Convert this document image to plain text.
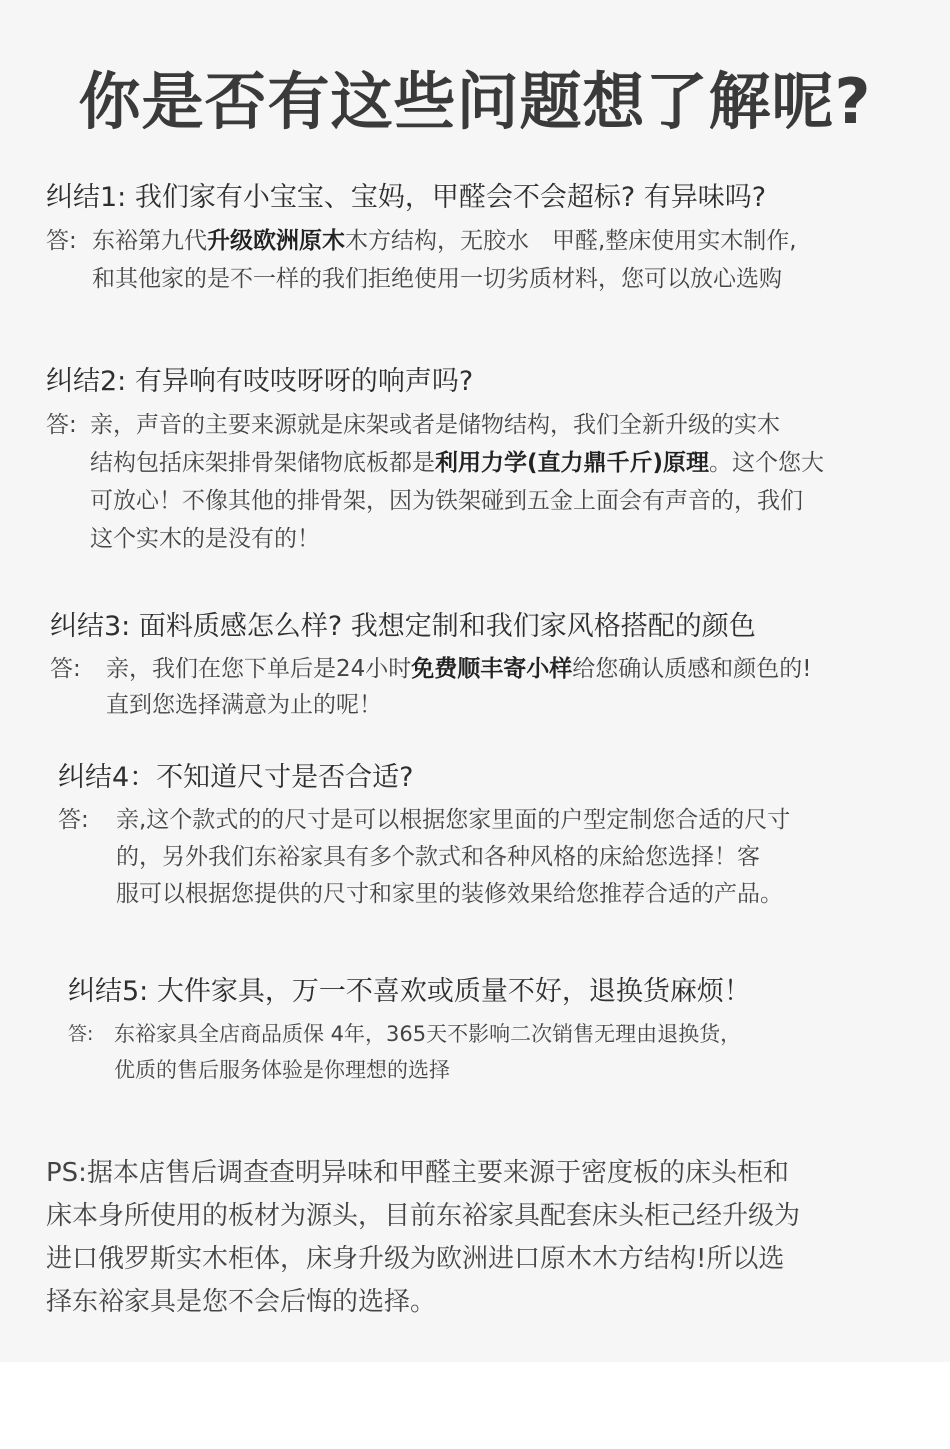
你是否有这些问题想了解呢?
纠结1: 我们家有小宝宝、宝妈，甲醛会不会超标? 有异味吗?
答: 东裕第九代升级欧洲原木木方结构，无胶水　甲醛,整床使用实木制作,
和其他家的是不一样的我们拒绝使用一切劣质材料，您可以放心选购
纠结2: 有异响有吱吱呀呀的响声吗?
答: 亲，声音的主要来源就是床架或者是储物结构，我们全新升级的实木
结构包括床架排骨架储物底板都是利用力学(直力鼎千斤)原理。这个您大
可放心！不像其他的排骨架，因为铁架碰到五金上面会有声音的，我们
这个实木的是没有的！
纠结3: 面料质感怎么样? 我想定制和我们家风格搭配的颜色
答:	亲，我们在您下单后是24小时免费顺丰寄小样给您确认质感和颜色的!
直到您选择满意为止的呢！
纠结4：不知道尺寸是否合适?
答:	亲,这个款式的的尺寸是可以根据您家里面的户型定制您合适的尺寸
的，另外我们东裕家具有多个款式和各种风格的床給您选择！客
服可以根据您提供的尺寸和家里的装修效果给您推荐合适的产品。
纠结5: 大件家具，万一不喜欢或质量不好，退换货麻烦！
答: 东裕家具全店商品质保 4年，365天不影响二次销售无理由退换货，
优质的售后服务体验是你理想的选择
PS:据本店售后调查查明异味和甲醛主要来源于密度板的床头柜和
床本身所使用的板材为源头，目前东裕家具配套床头柜己经升级为
进口俄罗斯实木柜体，床身升级为欧洲进口原木木方结构!所以选
择东裕家具是您不会后悔的选择。
